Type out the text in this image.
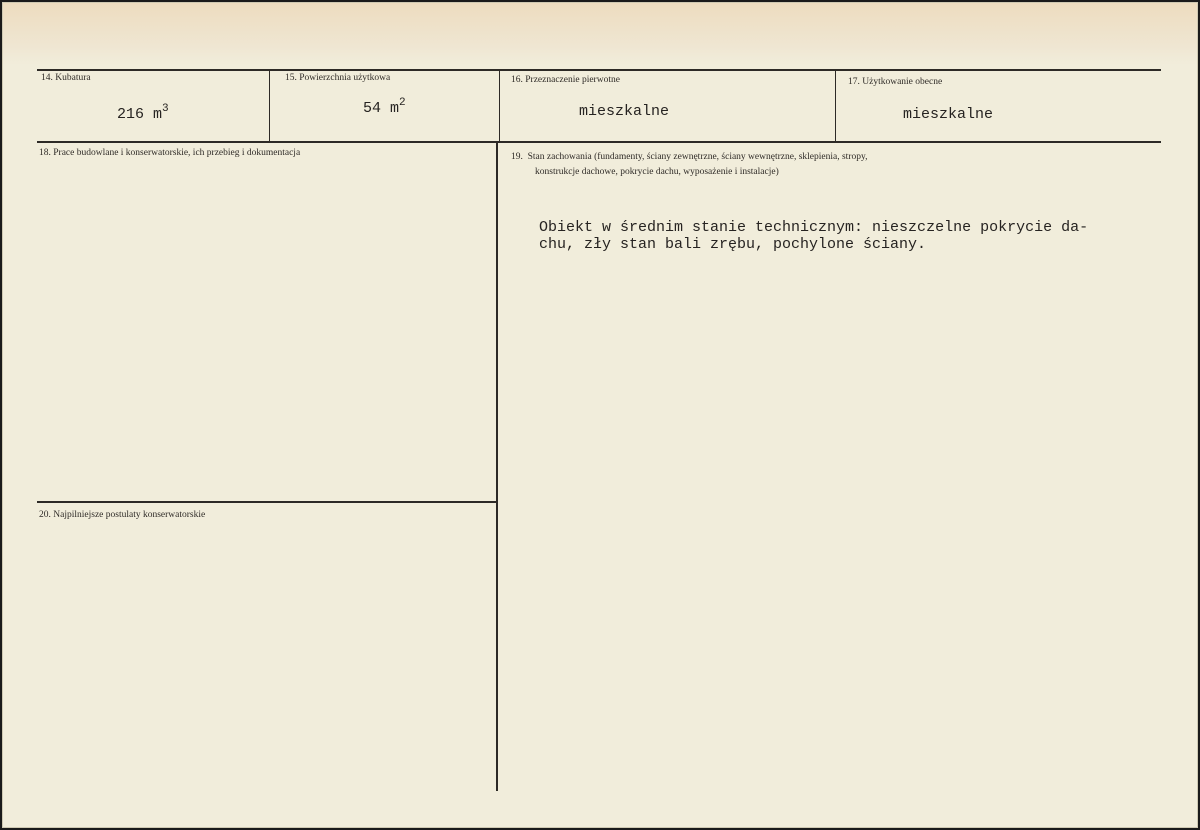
14. Kubatura
216 $m^3$
15. Powierzchnia użytkowa
54 $m^2$
16. Przeznaczenie pierwotne
mieszkalne
17. Użytkowanie obecne
mieszkalne
18. Prace budowlane i konserwatorskie, ich przebieg i dokumentacja	19.  Stan zachowania (fundamenty, ściany zewnętrzne, ściany wewnętrzne, sklepienia, stropy,
konstrukcje dachowe, pokrycie dachu, wyposażenie i instalacje)
Obiekt w średnim stanie technicznym: nieszczelne pokrycie da-
chu, zły stan bali zrębu, pochylone ściany.
20. Najpilniejsze postulaty konserwatorskie
